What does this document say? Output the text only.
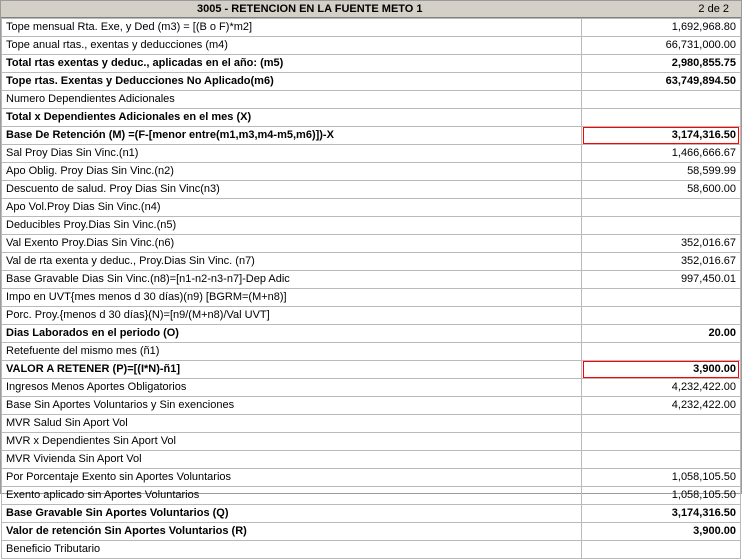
3005 - RETENCION EN LA FUENTE METO 1	2 de 2
Tope mensual Rta. Exe, y Ded (m3) = [(B o F)*m2]	1,692,968.80
Tope anual rtas., exentas y deducciones (m4)	66,731,000.00
Total rtas exentas y deduc., aplicadas en el año: (m5)	2,980,855.75
Tope rtas. Exentas y Deducciones No Aplicado(m6)	63,749,894.50
Numero Dependientes Adicionales	
Total x Dependientes Adicionales en el mes (X)	
Base De Retención (M) =(F-[menor entre(m1,m3,m4-m5,m6)])-X	3,174,316.50

Sal Proy Dias Sin Vinc.(n1)	1,466,666.67
Apo Oblig. Proy Dias Sin Vinc.(n2)	58,599.99
Descuento de salud. Proy Dias Sin Vinc(n3)	58,600.00
Apo Vol.Proy Dias Sin Vinc.(n4)	
Deducibles Proy.Dias Sin Vinc.(n5)	
Val Exento Proy.Dias Sin Vinc.(n6)	352,016.67
Val de rta exenta y deduc., Proy.Dias Sin Vinc. (n7)	352,016.67
Base Gravable Dias Sin Vinc.(n8)=[n1-n2-n3-n7]-Dep Adic	997,450.01
Impo en UVT{mes menos d 30 días)(n9) [BGRM=(M+n8)]	
Porc. Proy.{menos d 30 días}(N)=[n9/(M+n8)/Val UVT]	
Dias Laborados en el periodo (O)	20.00
Retefuente del mismo mes (ñ1)	
VALOR A RETENER (P)=[(I*N)-ñ1]	3,900.00

Ingresos Menos Aportes Obligatorios	4,232,422.00
Base Sin Aportes Voluntarios y Sin exenciones	4,232,422.00
MVR Salud Sin Aport Vol	
MVR x Dependientes Sin Aport Vol	
MVR Vivienda Sin Aport Vol	
Por Porcentaje Exento sin Aportes Voluntarios	1,058,105.50
Exento aplicado sin Aportes Voluntarios	1,058,105.50
Base Gravable Sin Aportes Voluntarios (Q)	3,174,316.50
Valor de retención Sin Aportes Voluntarios (R)	3,900.00
Beneficio Tributario	
